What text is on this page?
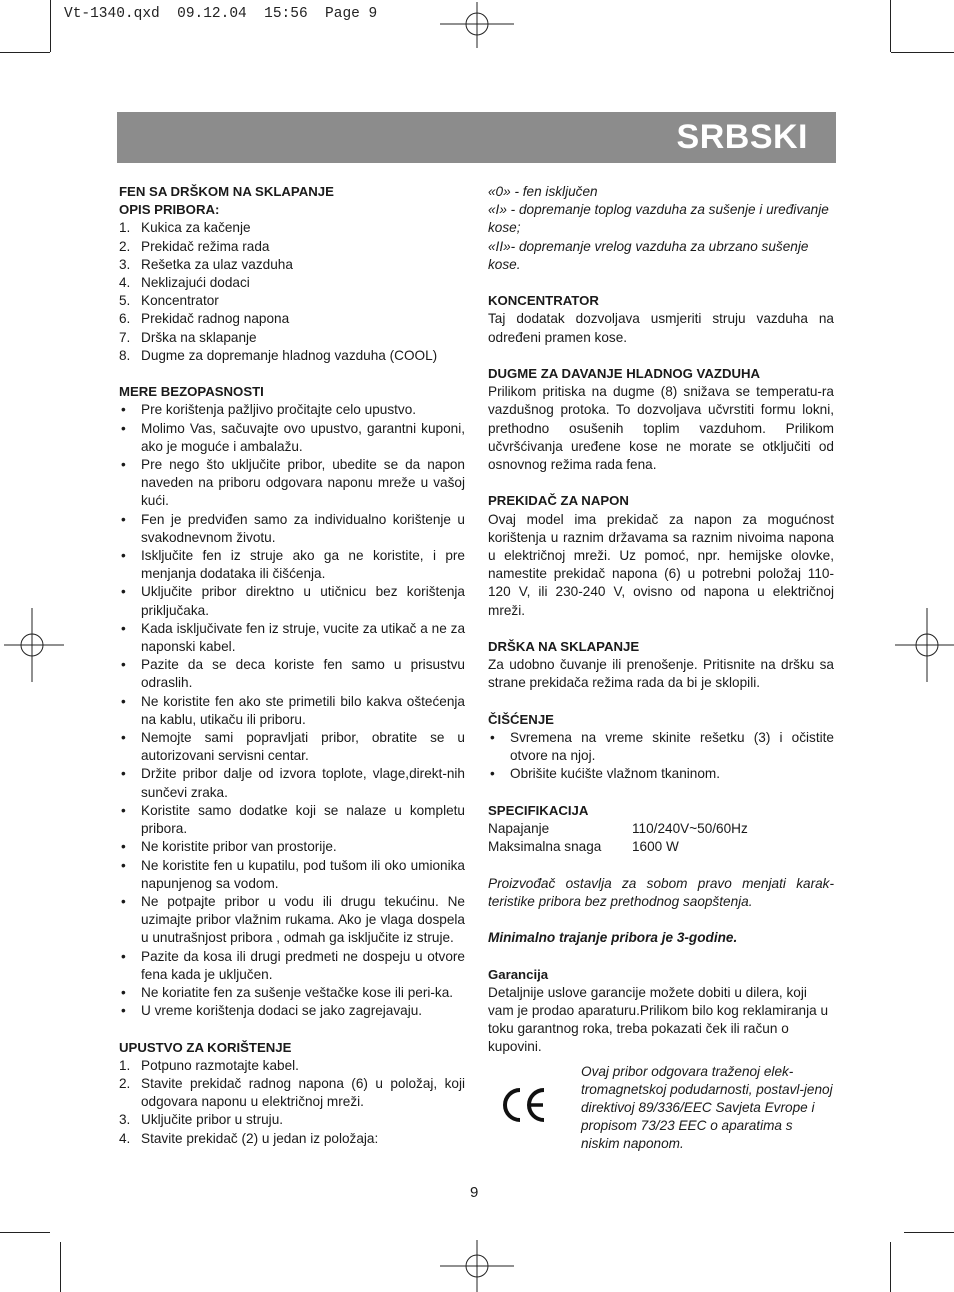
Vt-1340.qxd  09.12.04  15:56  Page 9
SRBSKI
FEN SA DRŠKOM NA SKLAPANJE
OPIS PRIBORA:
1. Kukica za kačenje
2. Prekidač režima rada
3. Rešetka za ulaz vazduha
4. Neklizajući dodaci
5. Koncentrator
6. Prekidač radnog napona
7. Drška na sklapanje
8. Dugme za dopremanje hladnog vazduha (COOL)
MERE BEZOPASNOSTI
•	Pre korištenja pažljivo pročitajte celo upustvo.
•	Molimo Vas, sačuvajte ovo upustvo, garantni kuponi, ako je moguće i ambalažu.
•	Pre nego što uključite pribor, ubedite se da napon naveden na priboru odgovara naponu mreže u vašoj kući.
•	Fen je predviđen samo za individualno korištenje u svakodnevnom životu.
•	Isključite fen iz struje ako ga ne koristite, i pre menjanja dodataka ili čišćenja.
•	Uključite pribor direktno u utičnicu bez korištenja priključaka.
•	Kada isključivate fen iz struje, vucite za utikač a ne za naponski kabel.
•	Pazite da se deca koriste fen samo u prisustvu odraslih.
•	Ne koristite fen ako ste primetili bilo kakva oštećenja na kablu, utikaču ili priboru.
•	Nemojte sami popravljati pribor, obratite se u autorizovani servisni centar.
•	Držite pribor dalje od izvora toplote, vlage,direkt-nih sunčevi zraka.
•	Koristite samo dodatke koji se nalaze u kompletu pribora.
•	Ne koristite pribor van prostorije.
•	Ne koristite fen u kupatilu, pod tušom ili oko umionika napunjenog sa vodom.
•	Ne potpajte pribor u vodu ili drugu tekućinu. Ne uzimajte pribor vlažnim rukama. Ako je vlaga dospela u unutrašnjost pribora , odmah ga isključite iz struje.
•	Pazite da kosa ili drugi predmeti ne dospeju u otvore fena kada je uključen.
•	Ne koriatite fen za sušenje veštačke kose ili peri-ka.
•	U vreme korištenja dodaci se jako zagrejavaju.
UPUSTVO ZA KORIŠTENJE
1. Potpuno razmotajte kabel.
2. Stavite prekidač radnog napona (6) u položaj, koji odgovara naponu u električnoj mreži.
3. Uključite pribor u struju.
4. Stavite prekidač (2) u jedan iz položaja:
«0» - fen isključen
«I» - dopremanje toplog vazduha za sušenje i uređivanje kose;
«II»- dopremanje vrelog vazduha za ubrzano sušenje kose.
KONCENTRATOR
Taj dodatak dozvoljava usmjeriti struju vazduha na određeni pramen kose.
DUGME ZA DAVANJE HLADNOG VAZDUHA
Prilikom pritiska na dugme (8) snižava se temperatu-ra vazdušnog protoka. To dozvoljava učvrstiti formu lokni, prethodno osušenih toplim vazduhom. Prilikom učvršćivanja uređene kose ne morate se otključiti od osnovnog režima rada fena.
PREKIDAČ ZA NAPON
Ovaj model ima prekidač za napon za mogućnost korištenja u raznim državama sa raznim nivoima napona u električnoj mreži. Uz pomoć, npr. hemijske olovke, namestite prekidač napona (6) u potrebni položaj 110-120 V, ili 230-240 V, ovisno od napona u električnoj mreži.
DRŠKA NA SKLAPANJE
Za udobno čuvanje ili prenošenje. Pritisnite na dršku sa strane prekidača režima rada da bi je sklopili.
ČIŠĆENJE
•	Svremena na vreme skinite rešetku (3) i očistite otvore na njoj.
•	Obrišite kućište vlažnom tkaninom.
SPECIFIKACIJA
Napajanje	110/240V~50/60Hz
Maksimalna snaga	1600 W
Proizvođač ostavlja za sobom pravo menjati karak-teristike pribora bez prethodnog saopštenja.
Minimalno trajanje pribora je 3-godine.
Garancija
Detaljnije uslove garancije možete dobiti u dilera, koji vam je prodao aparaturu.Prilikom bilo kog reklamiranja u toku garantnog roka, treba pokazati ček ili račun o kupovini.
Ovaj pribor odgovara traženoj elek-tromagnetskoj podudarnosti, postavl-jenoj direktivoj 89/336/EEC Savjeta Evrope i propisom 73/23 EEC o aparatima s niskim naponom.
9
